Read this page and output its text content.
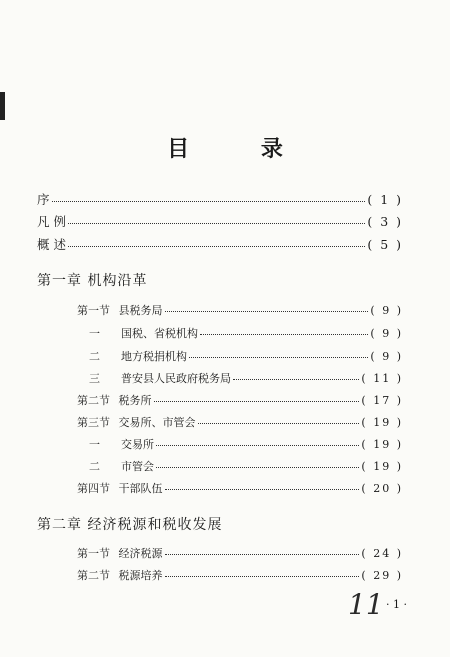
目 录
序	( 1 )
凡 例	( 3 )
概 述	( 5 )
第一章 机构沿革
第一节 县税务局	( 9 )
一 国税、省税机构	( 9 )
二 地方税捐机构	( 9 )
三 普安县人民政府税务局	( 11 )
第二节 税务所	( 17 )
第三节 交易所、市管会	( 19 )
一 交易所	( 19 )
二 市管会	( 19 )
第四节 干部队伍	( 20 )
第二章 经济税源和税收发展
第一节 经济税源	( 24 )
第二节 税源培养	( 29 )
11 · 1 ·
